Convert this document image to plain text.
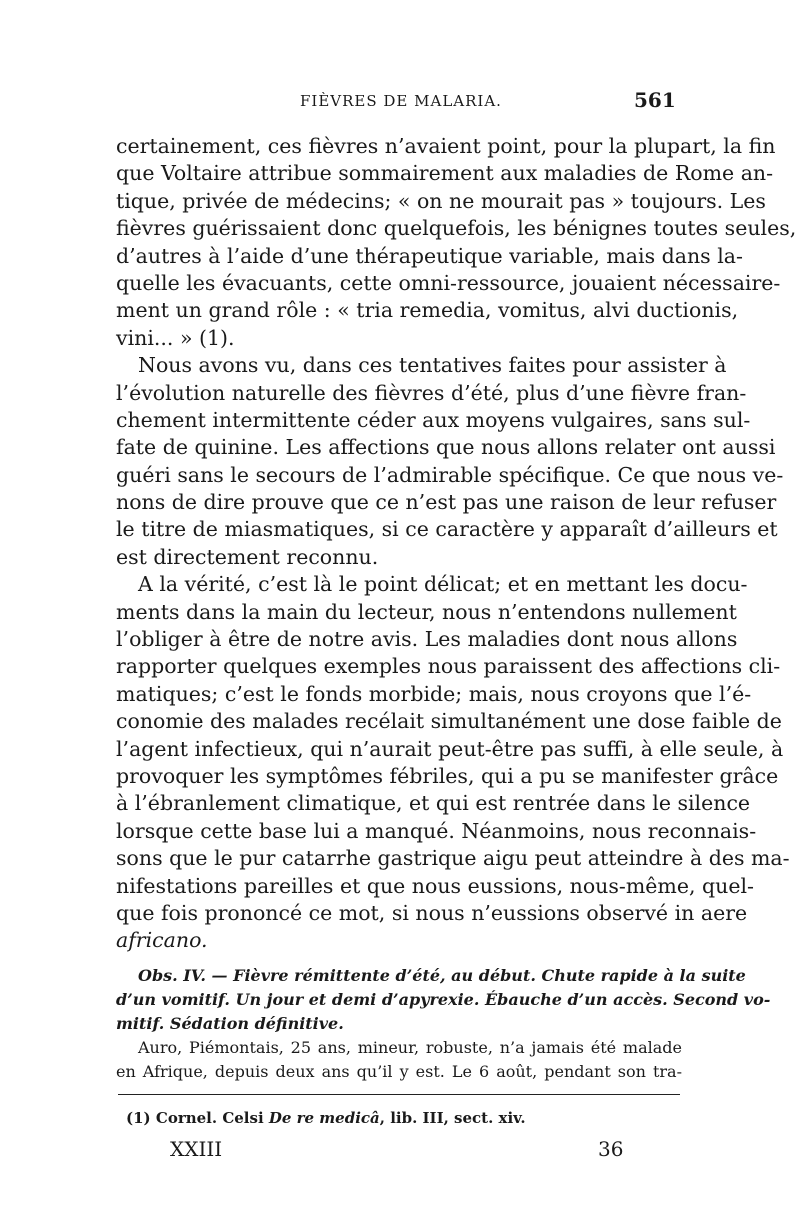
FIÈVRES DE MALARIA.	561
certainement, ces fièvres n’avaient point, pour la plupart, la fin
que Voltaire attribue sommairement aux maladies de Rome an-
tique, privée de médecins; « on ne mourait pas » toujours. Les
fièvres guérissaient donc quelquefois, les bénignes toutes seules,
d’autres à l’aide d’une thérapeutique variable, mais dans la-
quelle les évacuants, cette omni-ressource, jouaient nécessaire-
ment un grand rôle : « tria remedia, vomitus, alvi ductionis,
vini... » (1).
Nous avons vu, dans ces tentatives faites pour assister à
l’évolution naturelle des fièvres d’été, plus d’une fièvre fran-
chement intermittente céder aux moyens vulgaires, sans sul-
fate de quinine. Les affections que nous allons relater ont aussi
guéri sans le secours de l’admirable spécifique. Ce que nous ve-
nons de dire prouve que ce n’est pas une raison de leur refuser
le titre de miasmatiques, si ce caractère y apparaît d’ailleurs et
est directement reconnu.
A la vérité, c’est là le point délicat; et en mettant les docu-
ments dans la main du lecteur, nous n’entendons nullement
l’obliger à être de notre avis. Les maladies dont nous allons
rapporter quelques exemples nous paraissent des affections cli-
matiques; c’est le fonds morbide; mais, nous croyons que l’é-
conomie des malades recélait simultanément une dose faible de
l’agent infectieux, qui n’aurait peut-être pas suffi, à elle seule, à
provoquer les symptômes fébriles, qui a pu se manifester grâce
à l’ébranlement climatique, et qui est rentrée dans le silence
lorsque cette base lui a manqué. Néanmoins, nous reconnais-
sons que le pur catarrhe gastrique aigu peut atteindre à des ma-
nifestations pareilles et que nous eussions, nous-même, quel-
que fois prononcé ce mot, si nous n’eussions observé in aere
africano.
Obs. IV. — Fièvre rémittente d’été, au début. Chute rapide à la suite
d’un vomitif. Un jour et demi d’apyrexie. Ébauche d’un accès. Second vo-
mitif. Sédation définitive.
Auro, Piémontais, 25 ans, mineur, robuste, n’a jamais été malade
en Afrique, depuis deux ans qu’il y est. Le 6 août, pendant son tra-
(1) Cornel. Celsi De re medicâ, lib. III, sect. xiv.
XXIII	36
